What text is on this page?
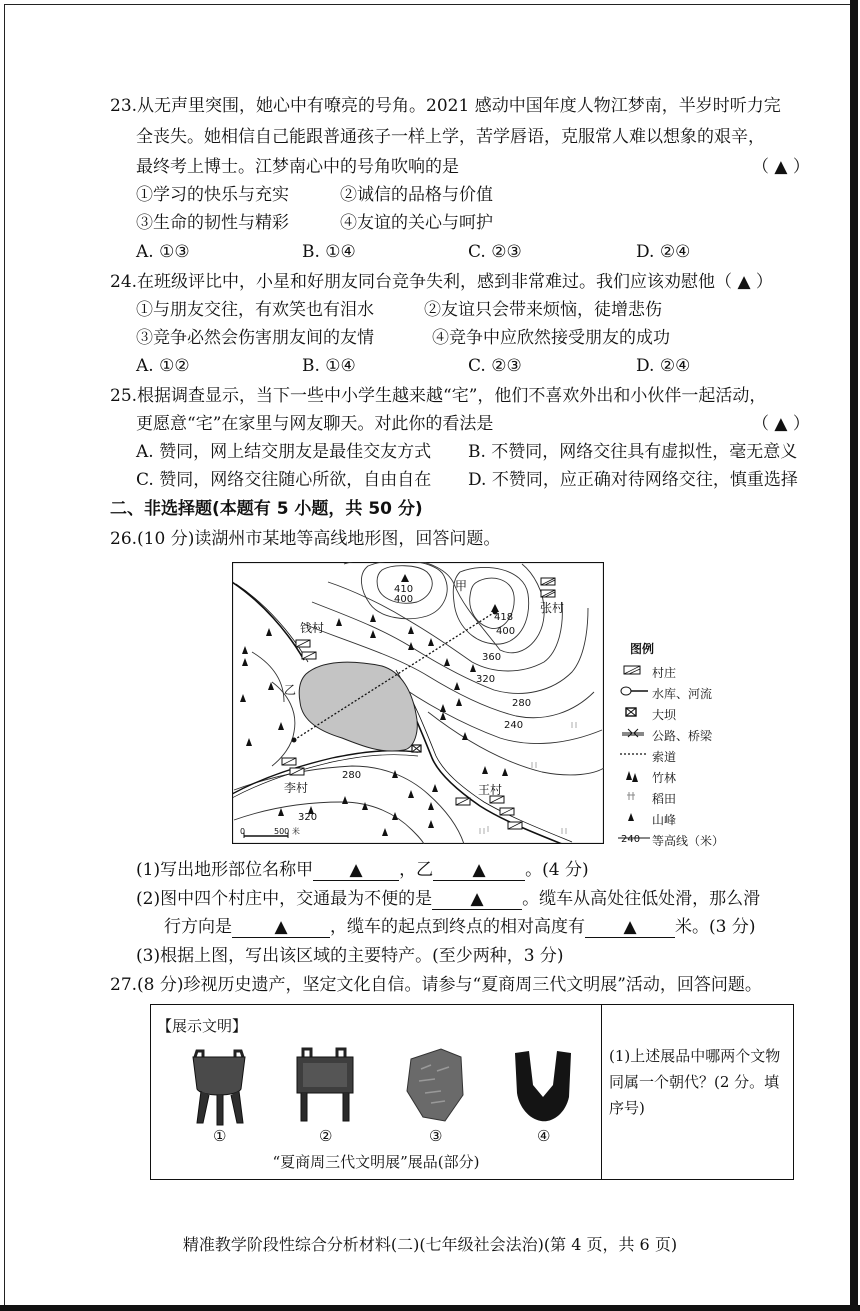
23.从无声里突围，她心中有嘹亮的号角。2021 感动中国年度人物江梦南，半岁时听力完
全丧失。她相信自己能跟普通孩子一样上学，苦学唇语，克服常人难以想象的艰辛，
最终考上博士。江梦南心中的号角吹响的是	（ ▲ ）
①学习的快乐与充实	②诚信的品格与价值
③生命的韧性与精彩	④友谊的关心与呵护
A. ①③	B. ①④	C. ②③	D. ②④
24.在班级评比中，小星和好朋友同台竞争失利，感到非常难过。我们应该劝慰他（ ▲ ）
①与朋友交往，有欢笑也有泪水	②友谊只会带来烦恼，徒增悲伤
③竞争必然会伤害朋友间的友情	④竞争中应欣然接受朋友的成功
A. ①②	B. ①④	C. ②③	D. ②④
25.根据调查显示，当下一些中小学生越来越“宅”，他们不喜欢外出和小伙伴一起活动，
更愿意“宅”在家里与网友聊天。对此你的看法是	（ ▲ ）
A. 赞同，网上结交朋友是最佳交友方式 B. 不赞同，网络交往具有虚拟性，毫无意义
C. 赞同，网络交往随心所欲，自由自在 D. 不赞同，应正确对待网络交往，慎重选择
二、非选择题(本题有 5 小题，共 50 分)
26.(10 分)读湖州市某地等高线地形图，回答问题。
410
400
甲
张村
418
400
钱村
360
320
乙
280
240
李村
280
王村
320
0	500 米
图例
村庄
水库、河流
大坝
公路、桥梁
索道
竹林
稻田
山峰
240 等高线（米）
(1)写出地形部位名称甲 ▲ ，乙 ▲ 。(4 分)
(2)图中四个村庄中，交通最为不便的是 ▲ 。缆车从高处往低处滑，那么滑
行方向是 ▲ ，缆车的起点到终点的相对高度有 ▲ 米。(3 分)
(3)根据上图，写出该区域的主要特产。(至少两种，3 分)
27.(8 分)珍视历史遗产，坚定文化自信。请参与“夏商周三代文明展”活动，回答问题。
【展示文明】
①	②	③	④
“夏商周三代文明展”展品(部分)
(1)上述展品中哪两个文物同属一个朝代？(2 分。填序号)
精准教学阶段性综合分析材料(二)(七年级社会法治)(第 4 页，共 6 页)
